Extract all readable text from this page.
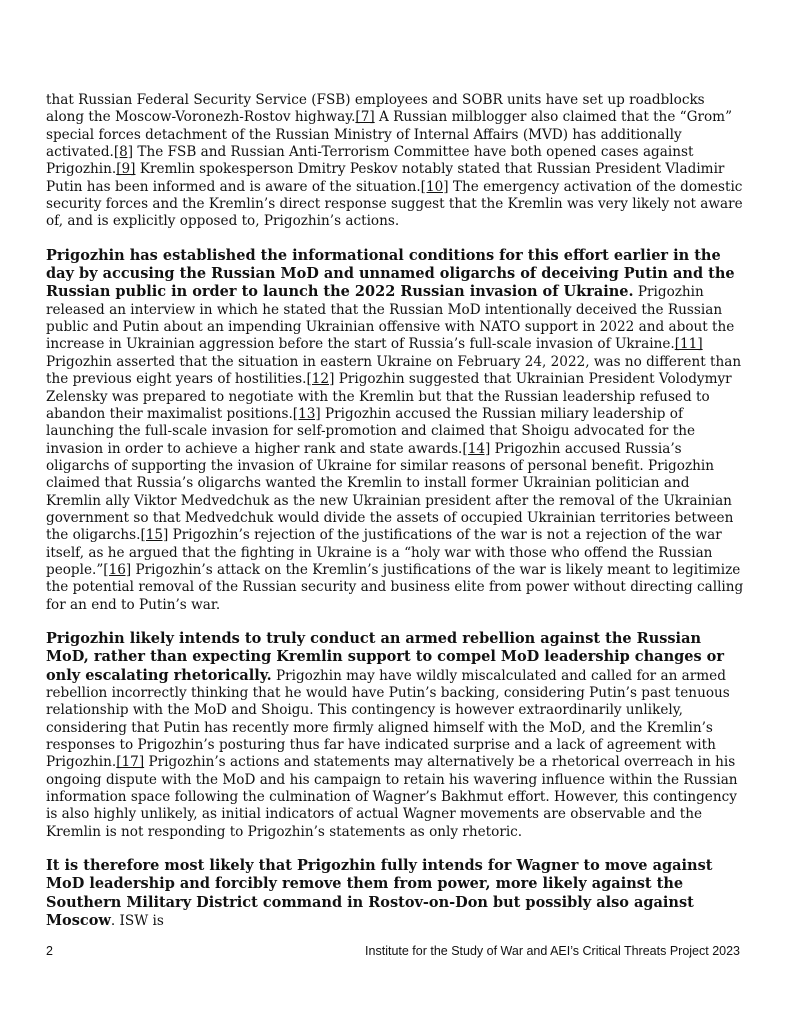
that Russian Federal Security Service (FSB) employees and SOBR units have set up roadblocks along the Moscow-Voronezh-Rostov highway.[7] A Russian milblogger also claimed that the “Grom” special forces detachment of the Russian Ministry of Internal Affairs (MVD) has additionally activated.[8] The FSB and Russian Anti-Terrorism Committee have both opened cases against Prigozhin.[9] Kremlin spokesperson Dmitry Peskov notably stated that Russian President Vladimir Putin has been informed and is aware of the situation.[10] The emergency activation of the domestic security forces and the Kremlin’s direct response suggest that the Kremlin was very likely not aware of, and is explicitly opposed to, Prigozhin’s actions.

Prigozhin has established the informational conditions for this effort earlier in the day by accusing the Russian MoD and unnamed oligarchs of deceiving Putin and the Russian public in order to launch the 2022 Russian invasion of Ukraine. Prigozhin released an interview in which he stated that the Russian MoD intentionally deceived the Russian public and Putin about an impending Ukrainian offensive with NATO support in 2022 and about the increase in Ukrainian aggression before the start of Russia’s full-scale invasion of Ukraine.[11] Prigozhin asserted that the situation in eastern Ukraine on February 24, 2022, was no different than the previous eight years of hostilities.[12] Prigozhin suggested that Ukrainian President Volodymyr Zelensky was prepared to negotiate with the Kremlin but that the Russian leadership refused to abandon their maximalist positions.[13] Prigozhin accused the Russian miliary leadership of launching the full-scale invasion for self-promotion and claimed that Shoigu advocated for the invasion in order to achieve a higher rank and state awards.[14] Prigozhin accused Russia’s oligarchs of supporting the invasion of Ukraine for similar reasons of personal benefit. Prigozhin claimed that Russia’s oligarchs wanted the Kremlin to install former Ukrainian politician and Kremlin ally Viktor Medvedchuk as the new Ukrainian president after the removal of the Ukrainian government so that Medvedchuk would divide the assets of occupied Ukrainian territories between the oligarchs.[15] Prigozhin’s rejection of the justifications of the war is not a rejection of the war itself, as he argued that the fighting in Ukraine is a “holy war with those who offend the Russian people.”[16] Prigozhin’s attack on the Kremlin’s justifications of the war is likely meant to legitimize the potential removal of the Russian security and business elite from power without directing calling for an end to Putin’s war.

Prigozhin likely intends to truly conduct an armed rebellion against the Russian MoD, rather than expecting Kremlin support to compel MoD leadership changes or only escalating rhetorically. Prigozhin may have wildly miscalculated and called for an armed rebellion incorrectly thinking that he would have Putin’s backing, considering Putin’s past tenuous relationship with the MoD and Shoigu. This contingency is however extraordinarily unlikely, considering that Putin has recently more firmly aligned himself with the MoD, and the Kremlin’s responses to Prigozhin’s posturing thus far have indicated surprise and a lack of agreement with Prigozhin.[17] Prigozhin’s actions and statements may alternatively be a rhetorical overreach in his ongoing dispute with the MoD and his campaign to retain his wavering influence within the Russian information space following the culmination of Wagner’s Bakhmut effort. However, this contingency is also highly unlikely, as initial indicators of actual Wagner movements are observable and the Kremlin is not responding to Prigozhin’s statements as only rhetoric.

It is therefore most likely that Prigozhin fully intends for Wagner to move against MoD leadership and forcibly remove them from power, more likely against the Southern Military District command in Rostov-on-Don but possibly also against Moscow. ISW is

2	Institute for the Study of War and AEI’s Critical Threats Project 2023
